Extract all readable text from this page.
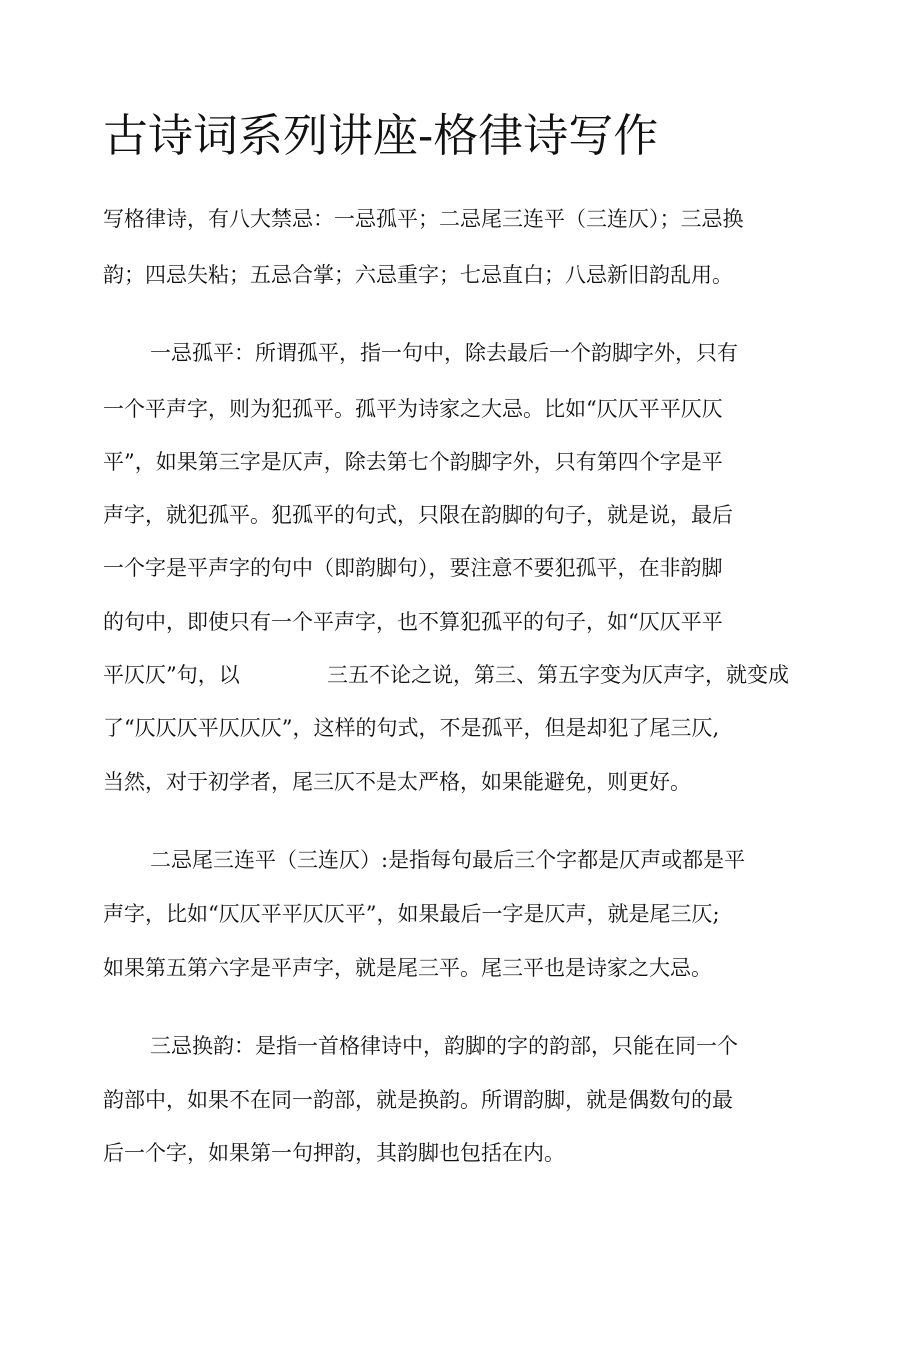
古诗词系列讲座-格律诗写作
写格律诗，有八大禁忌：一忌孤平；二忌尾三连平（三连仄）；三忌换
韵；四忌失粘；五忌合掌；六忌重字；七忌直白；八忌新旧韵乱用。
一忌孤平：所谓孤平，指一句中，除去最后一个韵脚字外，只有
一个平声字，则为犯孤平。孤平为诗家之大忌。比如“仄仄平平仄仄
平”，如果第三字是仄声，除去第七个韵脚字外，只有第四个字是平
声字，就犯孤平。犯孤平的句式，只限在韵脚的句子，就是说，最后
一个字是平声字的句中（即韵脚句），要注意不要犯孤平，在非韵脚
的句中，即使只有一个平声字，也不算犯孤平的句子，如“仄仄平平
平仄仄”句，以	三五不论之说，第三、第五字变为仄声字，就变成
了“仄仄仄平仄仄仄”，这样的句式，不是孤平，但是却犯了尾三仄,
当然，对于初学者，尾三仄不是太严格，如果能避免，则更好。
二忌尾三连平（三连仄）:是指每句最后三个字都是仄声或都是平
声字，比如“仄仄平平仄仄平”，如果最后一字是仄声，就是尾三仄;
如果第五第六字是平声字，就是尾三平。尾三平也是诗家之大忌。
三忌换韵：是指一首格律诗中，韵脚的字的韵部，只能在同一个
韵部中，如果不在同一韵部，就是换韵。所谓韵脚，就是偶数句的最
后一个字，如果第一句押韵，其韵脚也包括在内。
